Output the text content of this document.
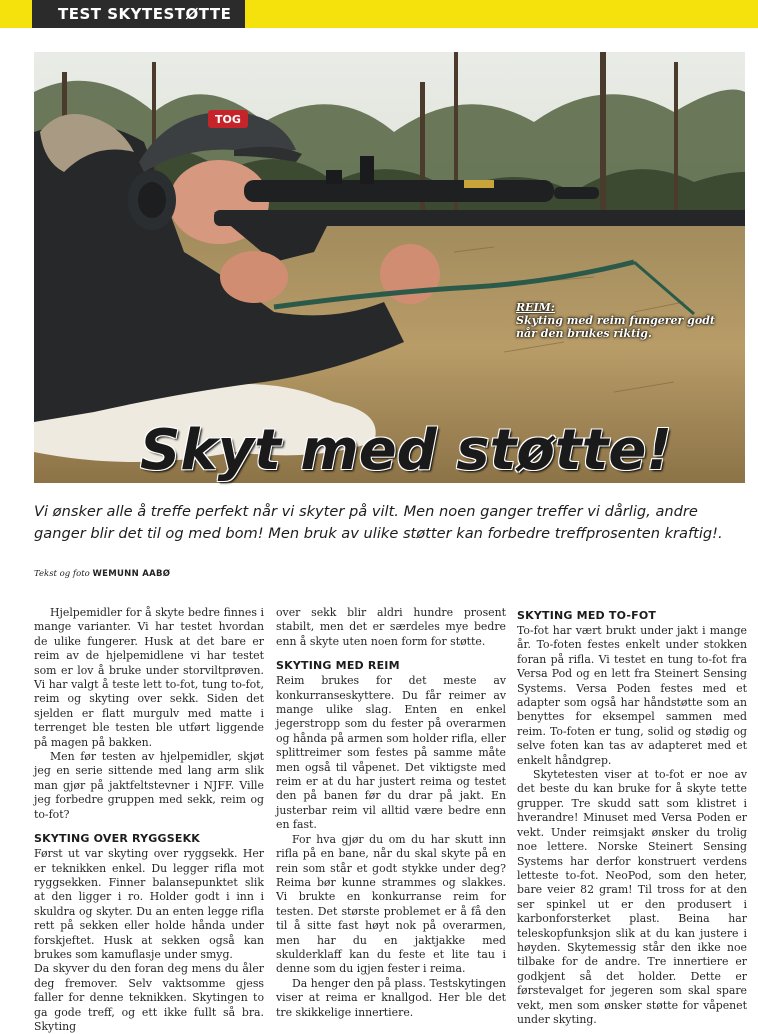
TEST SKYTESTØTTE
TOG
REIM:
Skyting med reim fungerer godt når den brukes riktig.
Skyt med støtte!
Vi ønsker alle å treffe perfekt når vi skyter på vilt. Men noen ganger treffer vi dårlig, andre ganger blir det til og med bom! Men bruk av ulike støtter kan forbedre treffprosenten kraftig!.
Tekst og foto WEMUNN AABØ

Hjelpemidler for å skyte bedre finnes i mange varianter. Vi har testet hvordan de ulike fungerer. Husk at det bare er reim av de hjelpemidlene vi har testet som er lov å bruke under storviltprøven. Vi har valgt å teste lett to-fot, tung to-fot, reim og skyting over sekk. Siden det sjelden er flatt murgulv med matte i terrenget ble testen ble utført liggende på magen på bakken.

Men før testen av hjelpemidler, skjøt jeg en serie sittende med lang arm slik man gjør på jaktfeltstevner i NJFF. Ville jeg forbedre gruppen med sekk, reim og to-fot?

SKYTING OVER RYGGSEKK

Først ut var skyting over ryggsekk. Her er teknikken enkel. Du legger rifla mot ryggsekken. Finner balansepunktet slik at den ligger i ro. Holder godt i inn i skuldra og skyter. Du an enten legge rifla rett på sekken eller holde hånda under forskjeftet. Husk at sekken også kan brukes som kamuflasje under smyg.

Da skyver du den foran deg mens du åler deg fremover. Selv vaktsomme gjess faller for denne teknikken. Skytingen to ga gode treff, og ett ikke fullt så bra. Skyting

over sekk blir aldri hundre prosent stabilt, men det er særdeles mye bedre enn å skyte uten noen form for støtte.

SKYTING MED REIM

Reim brukes for det meste av konkurranseskyttere. Du får reimer av mange ulike slag. Enten en enkel jegerstropp som du fester på overarmen og hånda på armen som holder rifla, eller splittreimer som festes på samme måte men også til våpenet. Det viktigste med reim er at du har justert reima og testet den på banen før du drar på jakt. En justerbar reim vil alltid være bedre enn en fast.

For hva gjør du om du har skutt inn rifla på en bane, når du skal skyte på en rein som står et godt stykke under deg? Reima bør kunne strammes og slakkes. Vi brukte en konkurranse reim for testen. Det største problemet er å få den til å sitte fast høyt nok på overarmen, men har du en jaktjakke med skulderklaff kan du feste et lite tau i denne som du igjen fester i reima.

Da henger den på plass. Testskytingen viser at reima er knallgod. Her ble det tre skikkelige innertiere.

SKYTING MED TO-FOT

To-fot har vært brukt under jakt i mange år. To-foten festes enkelt under stokken foran på rifla. Vi testet en tung to-fot fra Versa Pod og en lett fra Steinert Sensing Systems. Versa Poden festes med et adapter som også har håndstøtte som an benyttes for eksempel sammen med reim. To-foten er tung, solid og stødig og selve foten kan tas av adapteret med et enkelt håndgrep.

Skytetesten viser at to-fot er noe av det beste du kan bruke for å skyte tette grupper. Tre skudd satt som klistret i hverandre! Minuset med Versa Poden er vekt. Under reimsjakt ønsker du trolig noe lettere. Norske Steinert Sensing Systems har derfor konstruert verdens letteste to-fot. NeoPod, som den heter, bare veier 82 gram! Til tross for at den ser spinkel ut er den produsert i karbonforsterket plast. Beina har teleskopfunksjon slik at du kan justere i høyden. Skytemessig står den ikke noe tilbake for de andre. Tre innertiere er godkjent så det holder. Dette er førstevalget for jegeren som skal spare vekt, men som ønsker støtte for våpenet under skyting.
